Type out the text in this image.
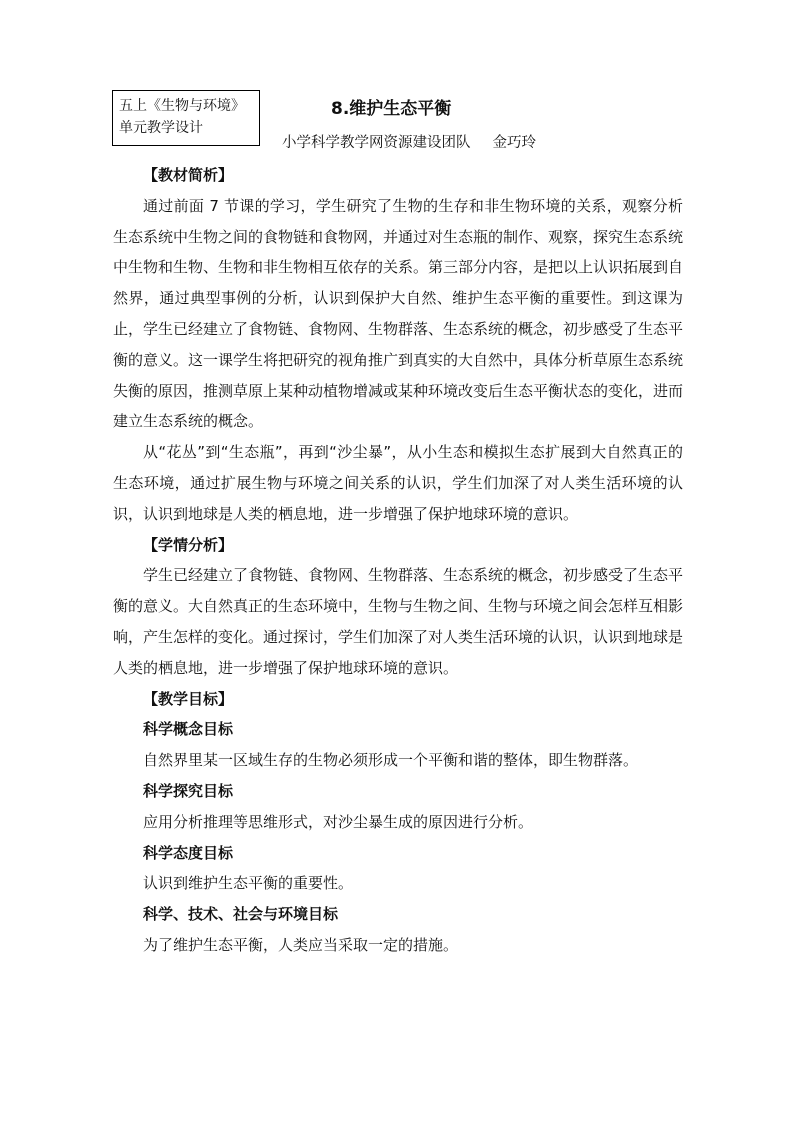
五上《生物与环境》
单元教学设计
8.维护生态平衡
小学科学教学网资源建设团队 金巧玲

【教材简析】

通过前面 7 节课的学习，学生研究了生物的生存和非生物环境的关系，观察分析生态系统中生物之间的食物链和食物网，并通过对生态瓶的制作、观察，探究生态系统中生物和生物、生物和非生物相互依存的关系。第三部分内容，是把以上认识拓展到自然界，通过典型事例的分析，认识到保护大自然、维护生态平衡的重要性。到这课为止，学生已经建立了食物链、食物网、生物群落、生态系统的概念，初步感受了生态平衡的意义。这一课学生将把研究的视角推广到真实的大自然中，具体分析草原生态系统失衡的原因，推测草原上某种动植物增减或某种环境改变后生态平衡状态的变化，进而建立生态系统的概念。

从“花丛”到“生态瓶”，再到“沙尘暴”，从小生态和模拟生态扩展到大自然真正的生态环境，通过扩展生物与环境之间关系的认识，学生们加深了对人类生活环境的认识，认识到地球是人类的栖息地，进一步增强了保护地球环境的意识。

【学情分析】

学生已经建立了食物链、食物网、生物群落、生态系统的概念，初步感受了生态平衡的意义。大自然真正的生态环境中，生物与生物之间、生物与环境之间会怎样互相影响，产生怎样的变化。通过探讨，学生们加深了对人类生活环境的认识，认识到地球是人类的栖息地，进一步增强了保护地球环境的意识。

【教学目标】

科学概念目标

自然界里某一区域生存的生物必须形成一个平衡和谐的整体，即生物群落。

科学探究目标

应用分析推理等思维形式，对沙尘暴生成的原因进行分析。

科学态度目标

认识到维护生态平衡的重要性。

科学、技术、社会与环境目标

为了维护生态平衡，人类应当采取一定的措施。
